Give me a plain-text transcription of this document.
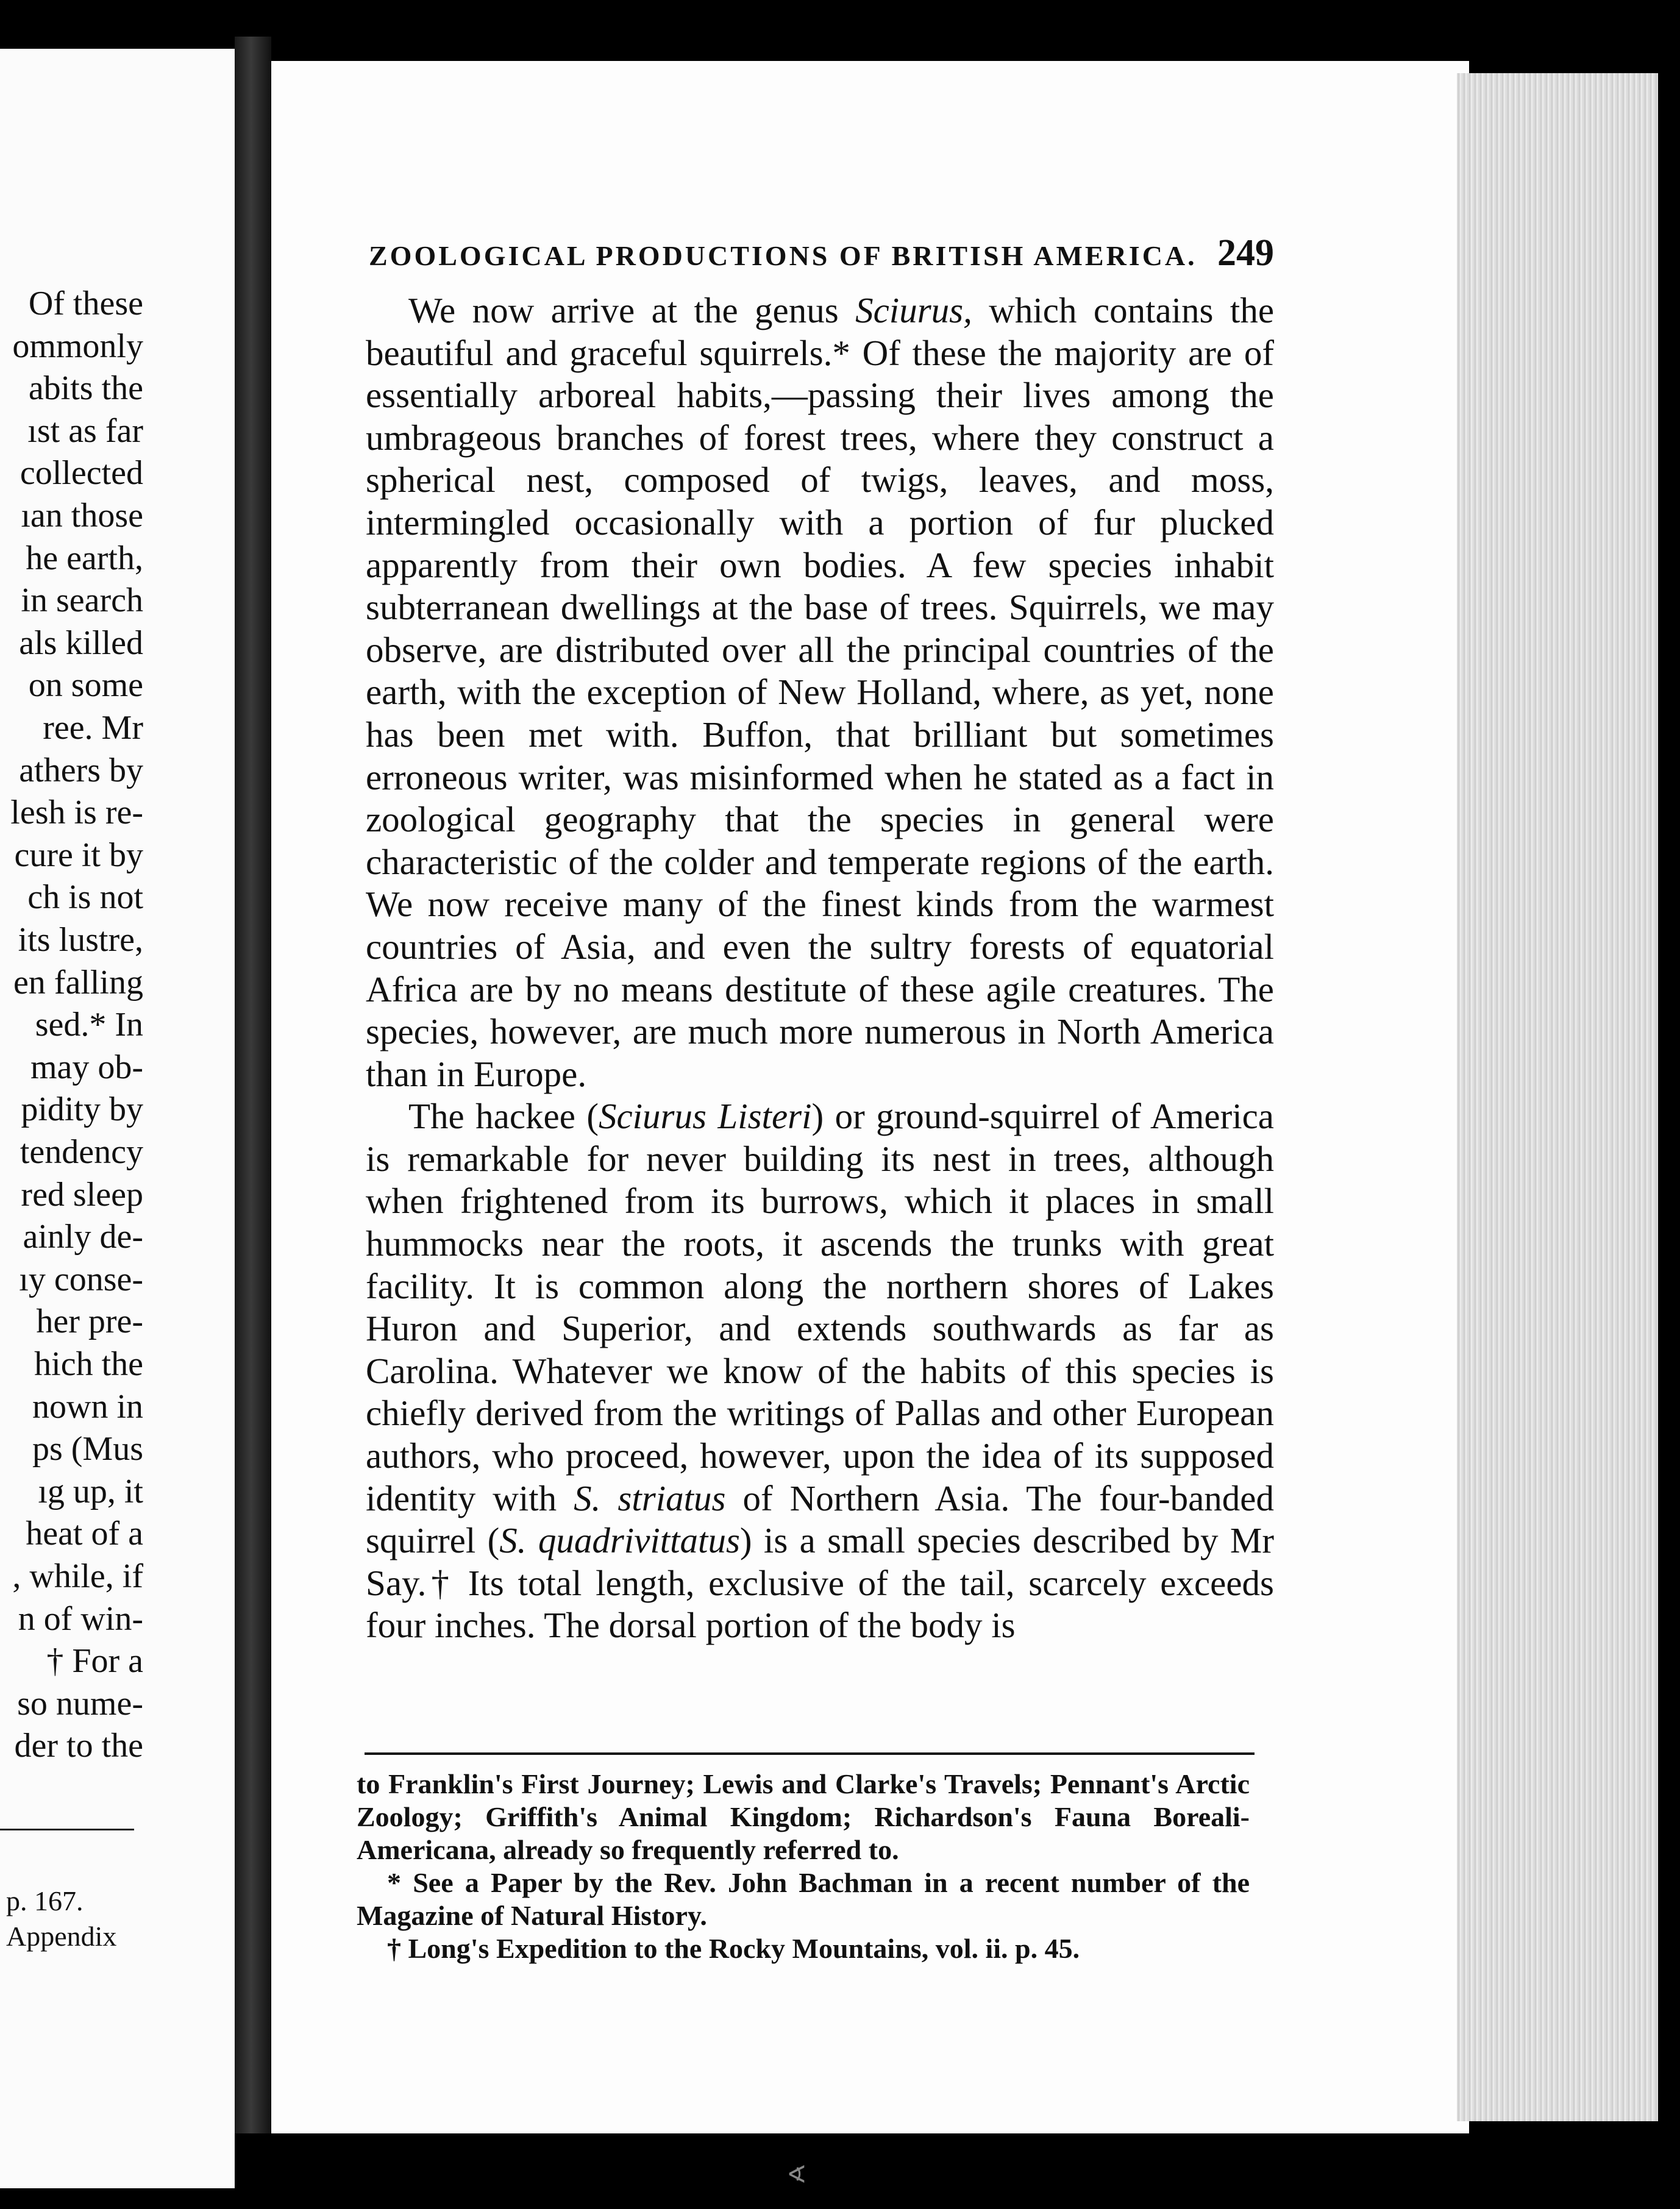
Of these
ommonly
abits the
ıst as far
collected
ıan those
he earth,
in search
als killed
on some
ree. Mr
athers by
lesh is re-
cure it by
ch is not
its lustre,
en falling
sed.* In
may ob-
pidity by
tendency
red sleep
ainly de-
ıy conse-
her pre-
hich the
nown in
ps (Mus
ıg up, it
heat of a
, while, if
n of win-
† For a
so nume-
der to the
p. 167.
Appendix
ZOOLOGICAL PRODUCTIONS OF BRITISH AMERICA. 249

We now arrive at the genus Sciurus, which contains the beautiful and graceful squirrels.* Of these the majority are of essentially arboreal habits,—passing their lives among the umbrageous branches of forest trees, where they construct a spherical nest, composed of twigs, leaves, and moss, intermingled occasionally with a portion of fur plucked apparently from their own bodies. A few species inhabit subterranean dwellings at the base of trees. Squirrels, we may observe, are distributed over all the principal countries of the earth, with the exception of New Holland, where, as yet, none has been met with. Buffon, that brilliant but sometimes erroneous writer, was misinformed when he stated as a fact in zoological geography that the species in general were characteristic of the colder and temperate regions of the earth. We now receive many of the finest kinds from the warmest countries of Asia, and even the sultry forests of equatorial Africa are by no means destitute of these agile creatures. The species, however, are much more numerous in North America than in Europe.

The hackee (Sciurus Listeri) or ground-squirrel of America is remarkable for never building its nest in trees, although when frightened from its burrows, which it places in small hummocks near the roots, it ascends the trunks with great facility. It is common along the northern shores of Lakes Huron and Superior, and extends southwards as far as Carolina. Whatever we know of the habits of this species is chiefly derived from the writings of Pallas and other European authors, who proceed, however, upon the idea of its supposed identity with S. striatus of Northern Asia. The four-banded squirrel (S. quadrivittatus) is a small species described by Mr Say.† Its total length, exclusive of the tail, scarcely exceeds four inches. The dorsal portion of the body is

to Franklin's First Journey; Lewis and Clarke's Travels; Pennant's Arctic Zoology; Griffith's Animal Kingdom; Richardson's Fauna Boreali-Americana, already so frequently referred to.

* See a Paper by the Rev. John Bachman in a recent number of the Magazine of Natural History.

† Long's Expedition to the Rocky Mountains, vol. ii. p. 45.

∢
